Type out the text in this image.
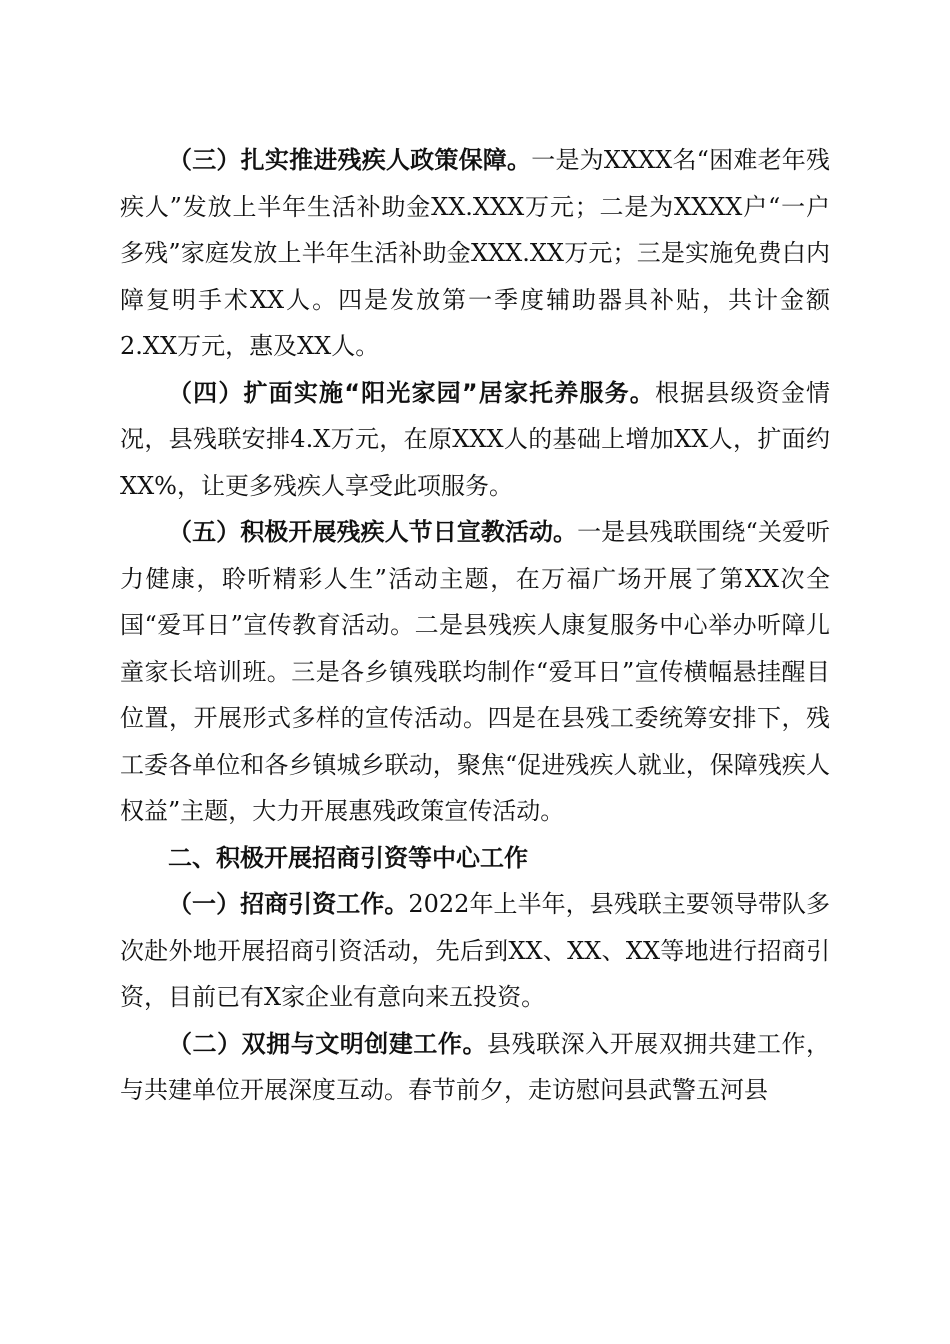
（三）扎实推进残疾人政策保障。一是为XXXX名“困难老年残疾人”发放上半年生活补助金XX.XXX万元；二是为XXXX户“一户多残”家庭发放上半年生活补助金XXX.XX万元；三是实施免费白内障复明手术XX人。四是发放第一季度辅助器具补贴，共计金额2.XX万元，惠及XX人。

（四）扩面实施“阳光家园”居家托养服务。根据县级资金情况，县残联安排4.X万元，在原XXX人的基础上增加XX人，扩面约XX%，让更多残疾人享受此项服务。

（五）积极开展残疾人节日宣教活动。一是县残联围绕“关爱听力健康，聆听精彩人生”活动主题，在万福广场开展了第XX次全国“爱耳日”宣传教育活动。二是县残疾人康复服务中心举办听障儿童家长培训班。三是各乡镇残联均制作“爱耳日”宣传横幅悬挂醒目位置，开展形式多样的宣传活动。四是在县残工委统筹安排下，残工委各单位和各乡镇城乡联动，聚焦“促进残疾人就业，保障残疾人权益”主题，大力开展惠残政策宣传活动。

二、积极开展招商引资等中心工作

（一）招商引资工作。2022年上半年，县残联主要领导带队多次赴外地开展招商引资活动，先后到XX、XX、XX等地进行招商引资，目前已有X家企业有意向来五投资。

（二）双拥与文明创建工作。县残联深入开展双拥共建工作，与共建单位开展深度互动。春节前夕，走访慰问县武警五河县
